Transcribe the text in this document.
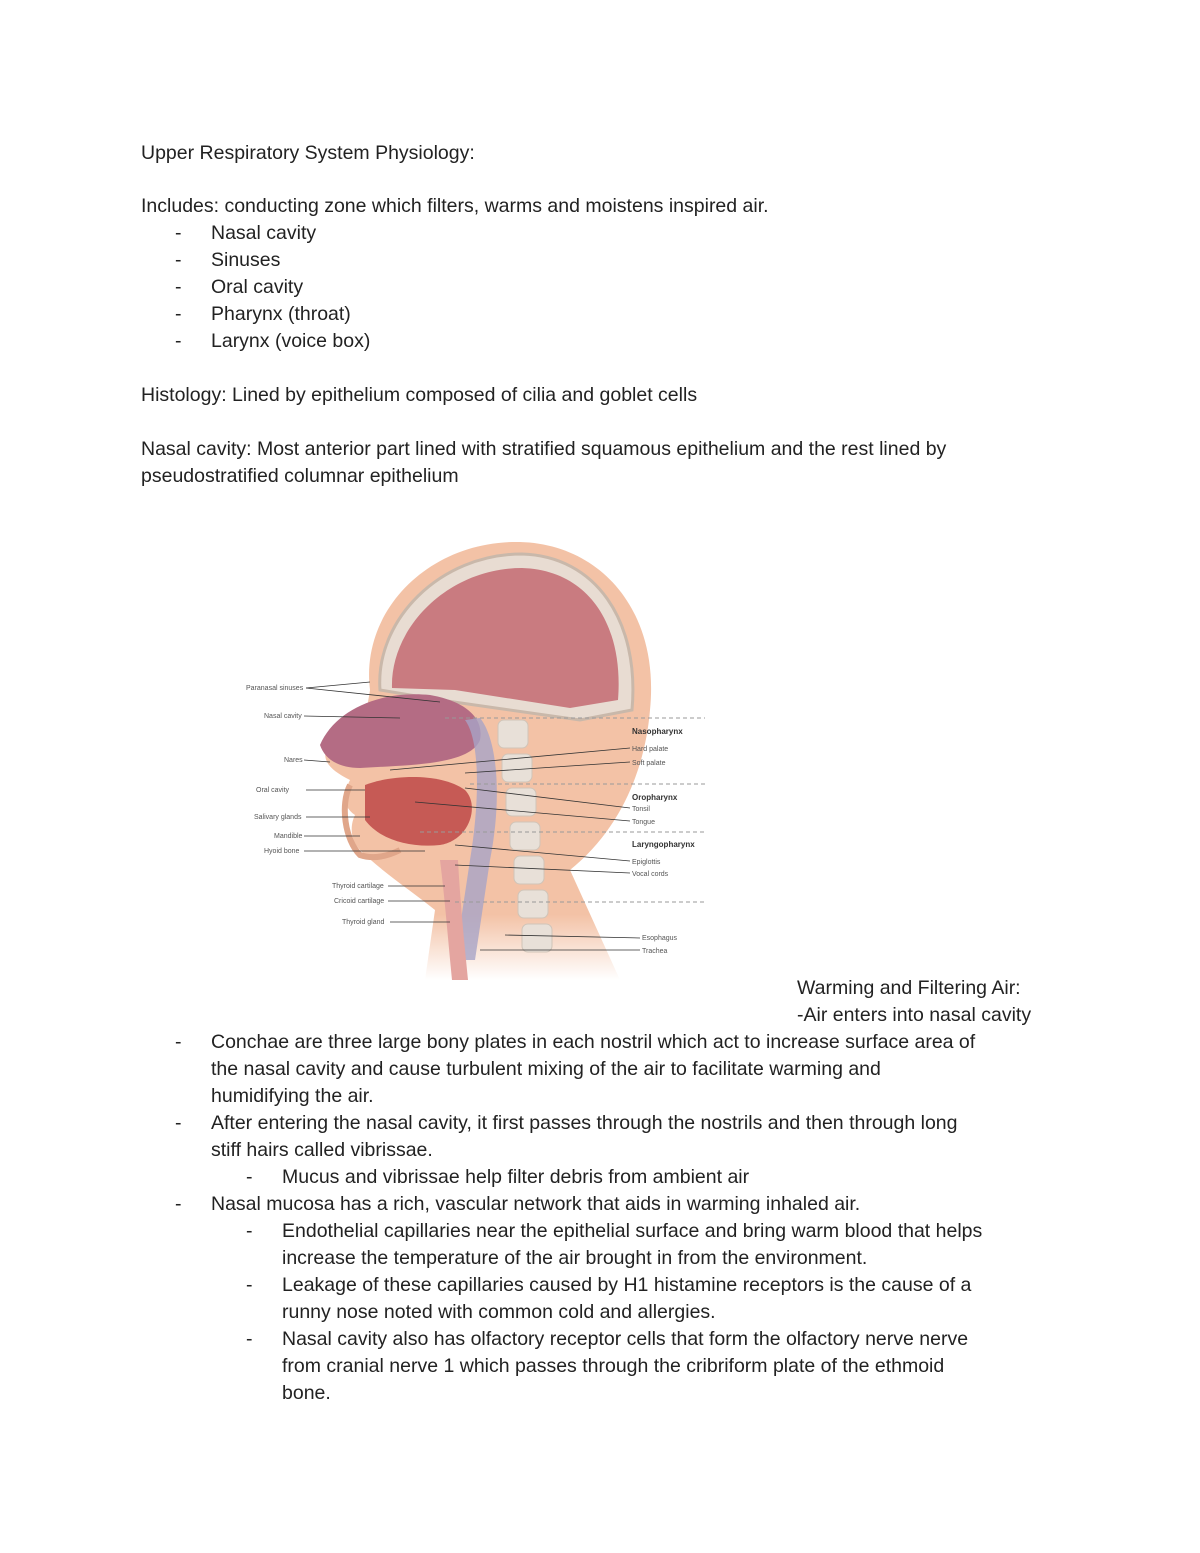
Upper Respiratory System Physiology:
Includes: conducting zone which filters, warms and moistens inspired air.
- Nasal cavity
- Sinuses
- Oral cavity
- Pharynx (throat)
- Larynx (voice box)
Histology: Lined by epithelium composed of cilia and goblet cells
Nasal cavity: Most anterior part lined with stratified squamous epithelium and the rest lined by
pseudostratified columnar epithelium
Paranasal sinuses
Nasal cavity
Nares
Oral cavity
Salivary glands
Mandible
Hyoid bone
Thyroid cartilage
Cricoid cartilage
Thyroid gland
Nasopharynx
Oropharynx
Laryngopharynx
Hard palate
Soft palate
Tonsil
Tongue
Epiglottis
Vocal cords
Esophagus
Trachea
Warming and Filtering Air:
-Air enters into nasal cavity
- Conchae are three large bony plates in each nostril which act to increase surface area of
the nasal cavity and cause turbulent mixing of the air to facilitate warming and
humidifying the air.
- After entering the nasal cavity, it first passes through the nostrils and then through long
stiff hairs called vibrissae.
- Mucus and vibrissae help filter debris from ambient air
- Nasal mucosa has a rich, vascular network that aids in warming inhaled air.
- Endothelial capillaries near the epithelial surface and bring warm blood that helps
increase the temperature of the air brought in from the environment.
- Leakage of these capillaries caused by H1 histamine receptors is the cause of a
runny nose noted with common cold and allergies.
- Nasal cavity also has olfactory receptor cells that form the olfactory nerve nerve
from cranial nerve 1 which passes through the cribriform plate of the ethmoid
bone.
